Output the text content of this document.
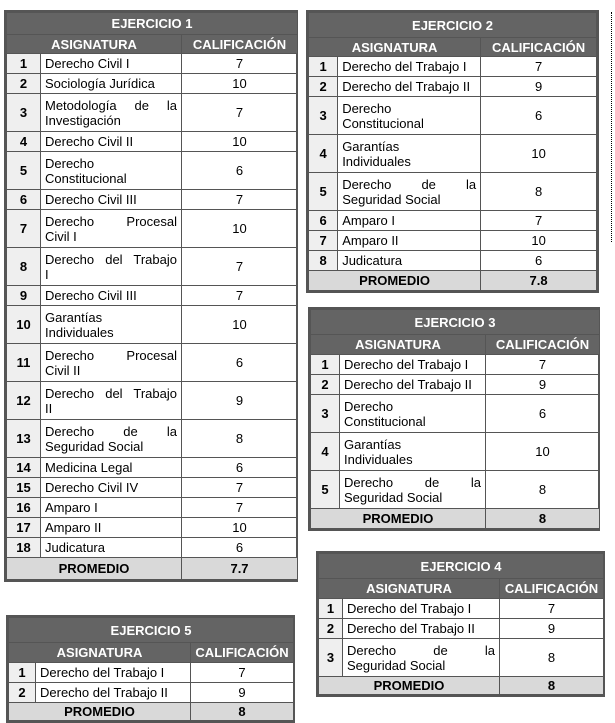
EJERCICIO 1		
ASIGNATURA		CALIFICACIÓN
1	Derecho Civil I	7
2	Sociología Jurídica	10
3	Metodología de la
Investigación	7
4	Derecho Civil II	10
5	Derecho
Constitucional	6
6	Derecho Civil III	7
7	Derecho Procesal
Civil I	10
8	Derecho del Trabajo
I	7
9	Derecho Civil III	7
10	Garantías
Individuales	10
11	Derecho Procesal
Civil II	6
12	Derecho del Trabajo
II	9
13	Derecho de la
Seguridad Social	8
14	Medicina Legal	6
15	Derecho Civil IV	7
16	Amparo I	7
17	Amparo II	10
18	Judicatura	6
PROMEDIO		7.7
EJERCICIO 2		
ASIGNATURA		CALIFICACIÓN
1	Derecho del Trabajo I	7
2	Derecho del Trabajo II	9
3	Derecho
Constitucional	6
4	Garantías
Individuales	10
5	Derecho de la
Seguridad Social	8
6	Amparo I	7
7	Amparo II	10
8	Judicatura	6
PROMEDIO		7.8
EJERCICIO 3		
ASIGNATURA		CALIFICACIÓN
1	Derecho del Trabajo I	7
2	Derecho del Trabajo II	9
3	Derecho
Constitucional	6
4	Garantías
Individuales	10
5	Derecho de la
Seguridad Social	8
PROMEDIO		8
EJERCICIO 4		
ASIGNATURA		CALIFICACIÓN
1	Derecho del Trabajo I	7
2	Derecho del Trabajo II	9
3	Derecho de la
Seguridad Social	8
PROMEDIO		8
EJERCICIO 5		
ASIGNATURA		CALIFICACIÓN
1	Derecho del Trabajo I	7
2	Derecho del Trabajo II	9
PROMEDIO		8
